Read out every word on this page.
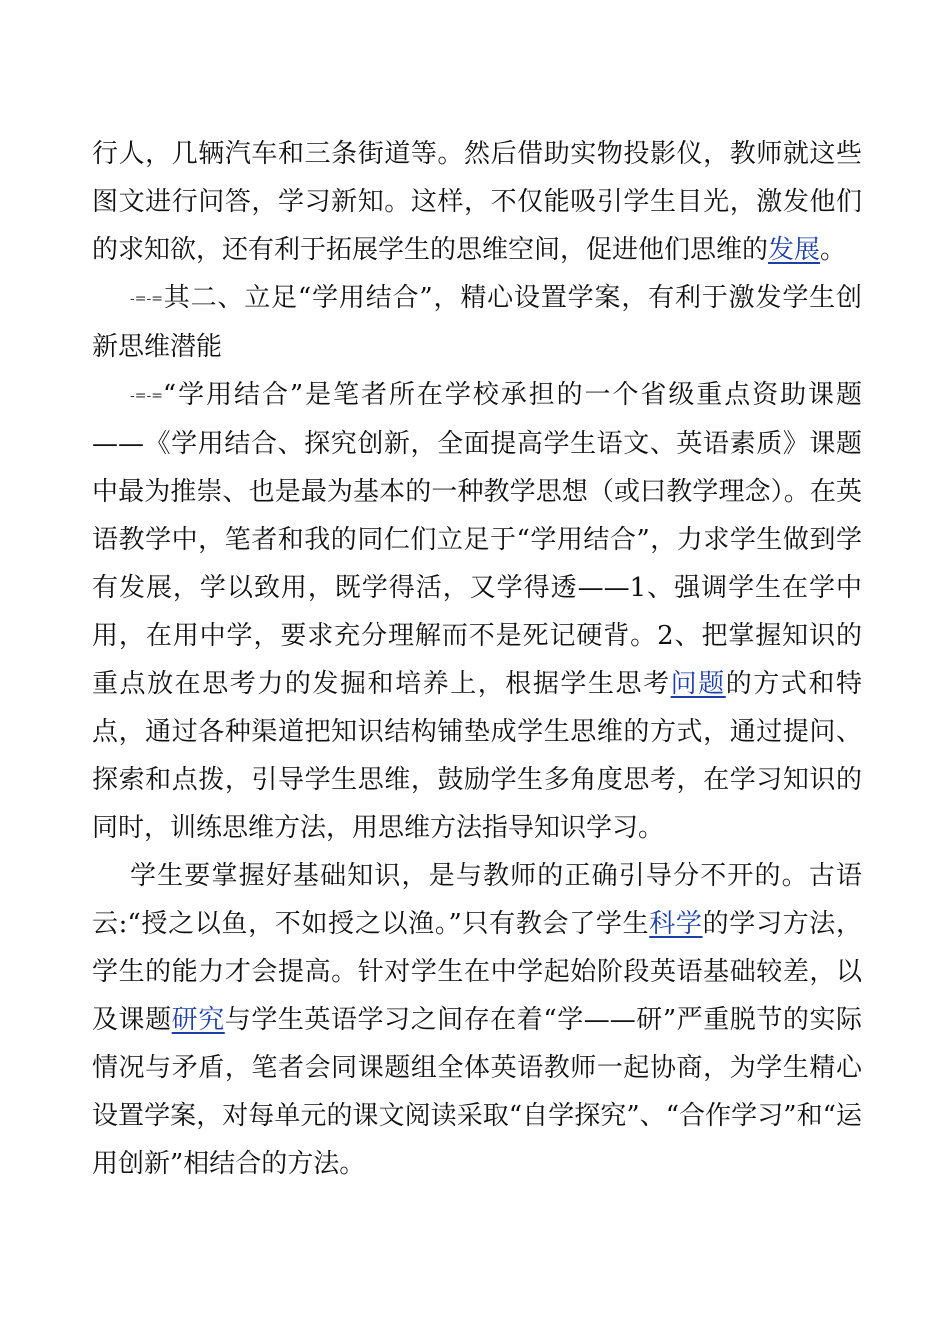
行人，几辆汽车和三条街道等。然后借助实物投影仪，教师就这些图文进行问答，学习新知。这样，不仅能吸引学生目光，激发他们的求知欲，还有利于拓展学生的思维空间，促进他们思维的发展。

-=-=其二、立足“学用结合”，精心设置学案，有利于激发学生创新思维潜能

-=-=“学用结合”是笔者所在学校承担的一个省级重点资助课题——《学用结合、探究创新，全面提高学生语文、英语素质》课题中最为推崇、也是最为基本的一种教学思想（或曰教学理念）。在英语教学中，笔者和我的同仁们立足于“学用结合”，力求学生做到学有发展，学以致用，既学得活，又学得透——1、强调学生在学中用，在用中学，要求充分理解而不是死记硬背。2、把掌握知识的重点放在思考力的发掘和培养上，根据学生思考问题的方式和特点，通过各种渠道把知识结构铺垫成学生思维的方式，通过提问、探索和点拨，引导学生思维，鼓励学生多角度思考，在学习知识的同时，训练思维方法，用思维方法指导知识学习。

学生要掌握好基础知识，是与教师的正确引导分不开的。古语云:“授之以鱼，不如授之以渔。”只有教会了学生科学的学习方法，学生的能力才会提高。针对学生在中学起始阶段英语基础较差，以及课题研究与学生英语学习之间存在着“学——研”严重脱节的实际情况与矛盾，笔者会同课题组全体英语教师一起协商，为学生精心设置学案，对每单元的课文阅读采取“自学探究”、“合作学习”和“运用创新”相结合的方法。
